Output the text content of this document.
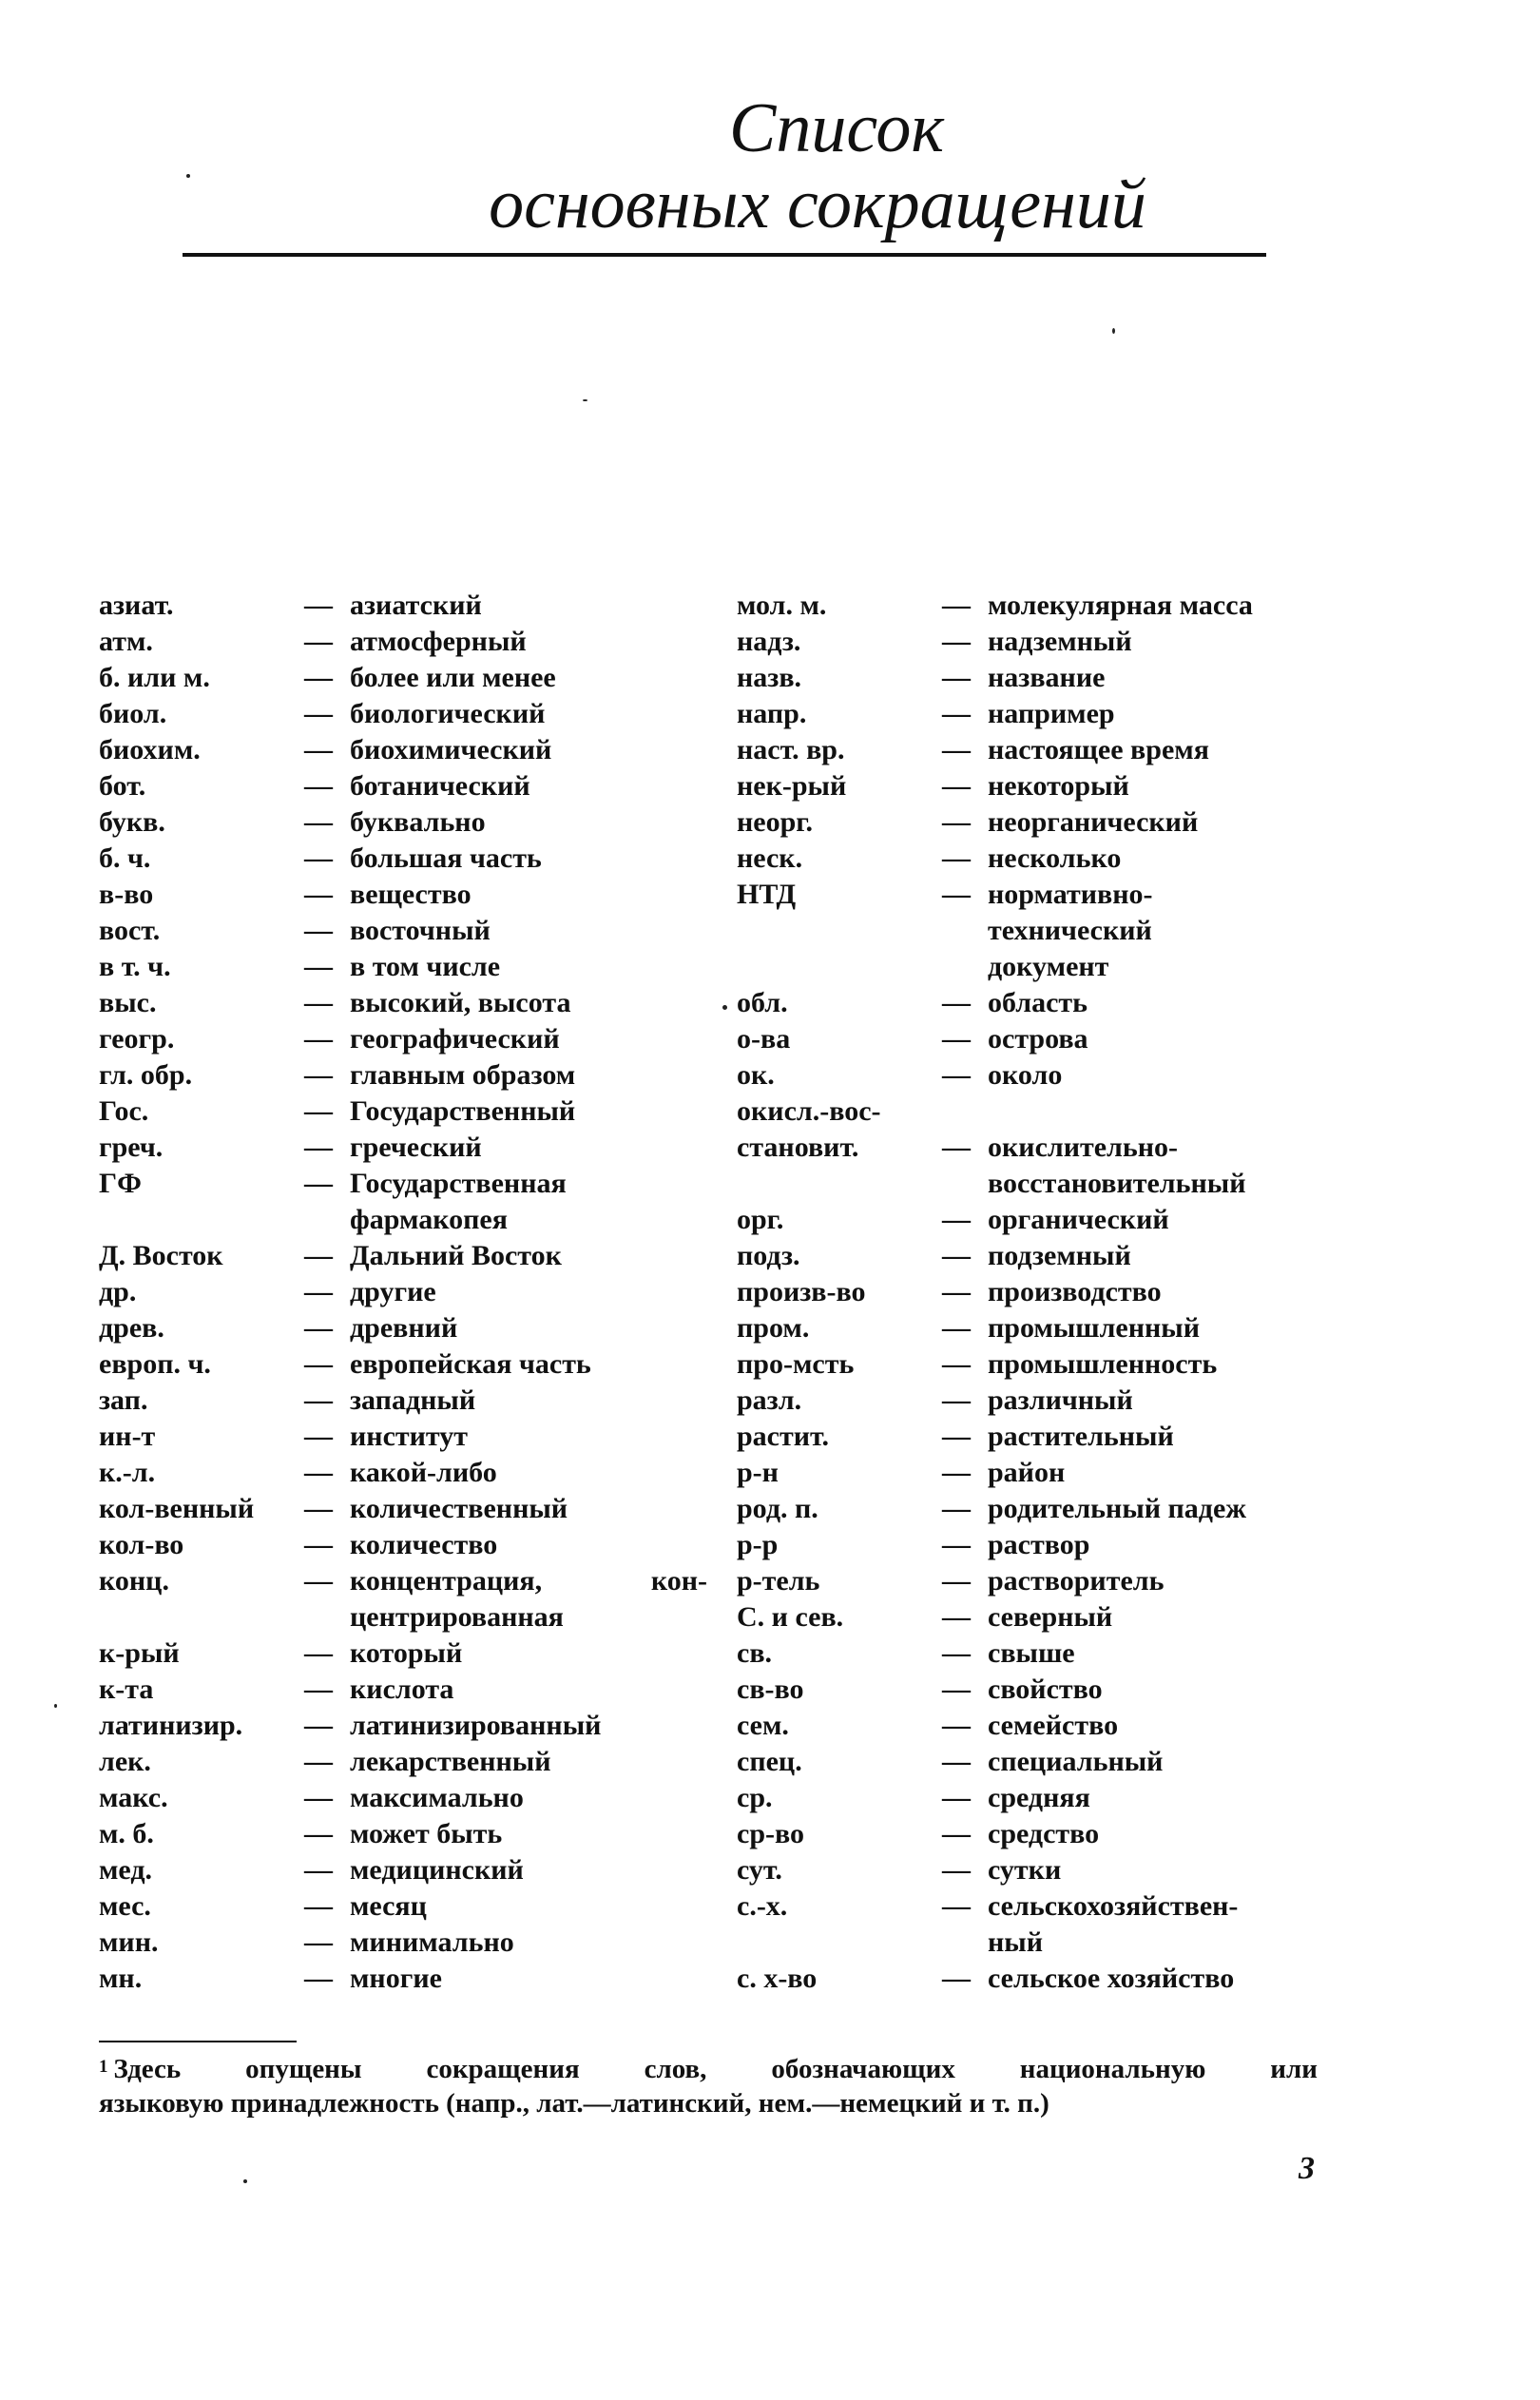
Список
основных сокращений
азиат.	— азиатский
атм.	— атмосферный
б. или м.	— более или менее
биол.	— биологический
биохим.	— биохимический
бот.	— ботанический
букв.	— буквально
б. ч.	— большая часть
в-во	— вещество
вост.	— восточный
в т. ч.	— в том числе
выс.	— высокий, высота
геогр.	— географический
гл. обр.	— главным образом
Гос.	— Государственный
греч.	— греческий
ГФ	— Государственная
фармакопея
Д. Восток	— Дальний Восток
др.	— другие
древ.	— древний
европ. ч.	— европейская часть
зап.	— западный
ин-т	— институт
к.-л.	— какой-либо
кол-венный	— количественный
кол-во	— количество
конц.	— концентрация, кон-
центрированная
к-рый	— который
к-та	— кислота
латинизир.	— латинизированный
лек.	— лекарственный
макс.	— максимально
м. б.	— может быть
мед.	— медицинский
мес.	— месяц
мин.	— минимально
мн.	— многие
мол. м.	— молекулярная масса
надз.	— надземный
назв.	— название
напр.	— например
наст. вр.	— настоящее время
нек-рый	— некоторый
неорг.	— неорганический
неск.	— несколько
НТД	— нормативно-
технический
документ
обл.	— область
о-ва	— острова
ок.	— около
окисл.-вос-
становит.	— окислительно-
восстановительный
орг.	— органический
подз.	— подземный
произв-во	— производство
пром.	— промышленный
про-мсть	— промышленность
разл.	— различный
растит.	— растительный
р-н	— район
род. п.	— родительный падеж
р-р	— раствор
р-тель	— растворитель
С. и сев.	— северный
св.	— свыше
св-во	— свойство
сем.	— семейство
спец.	— специальный
ср.	— средняя
ср-во	— средство
сут.	— сутки
с.-х.	— сельскохозяйствен-
ный
с. х-во	— сельское хозяйство
$^1$ Здесь опущены сокращения слов, обозначающих национальную или
языковую принадлежность (напр., лат.—латинский, нем.—немецкий и т. п.)
3
